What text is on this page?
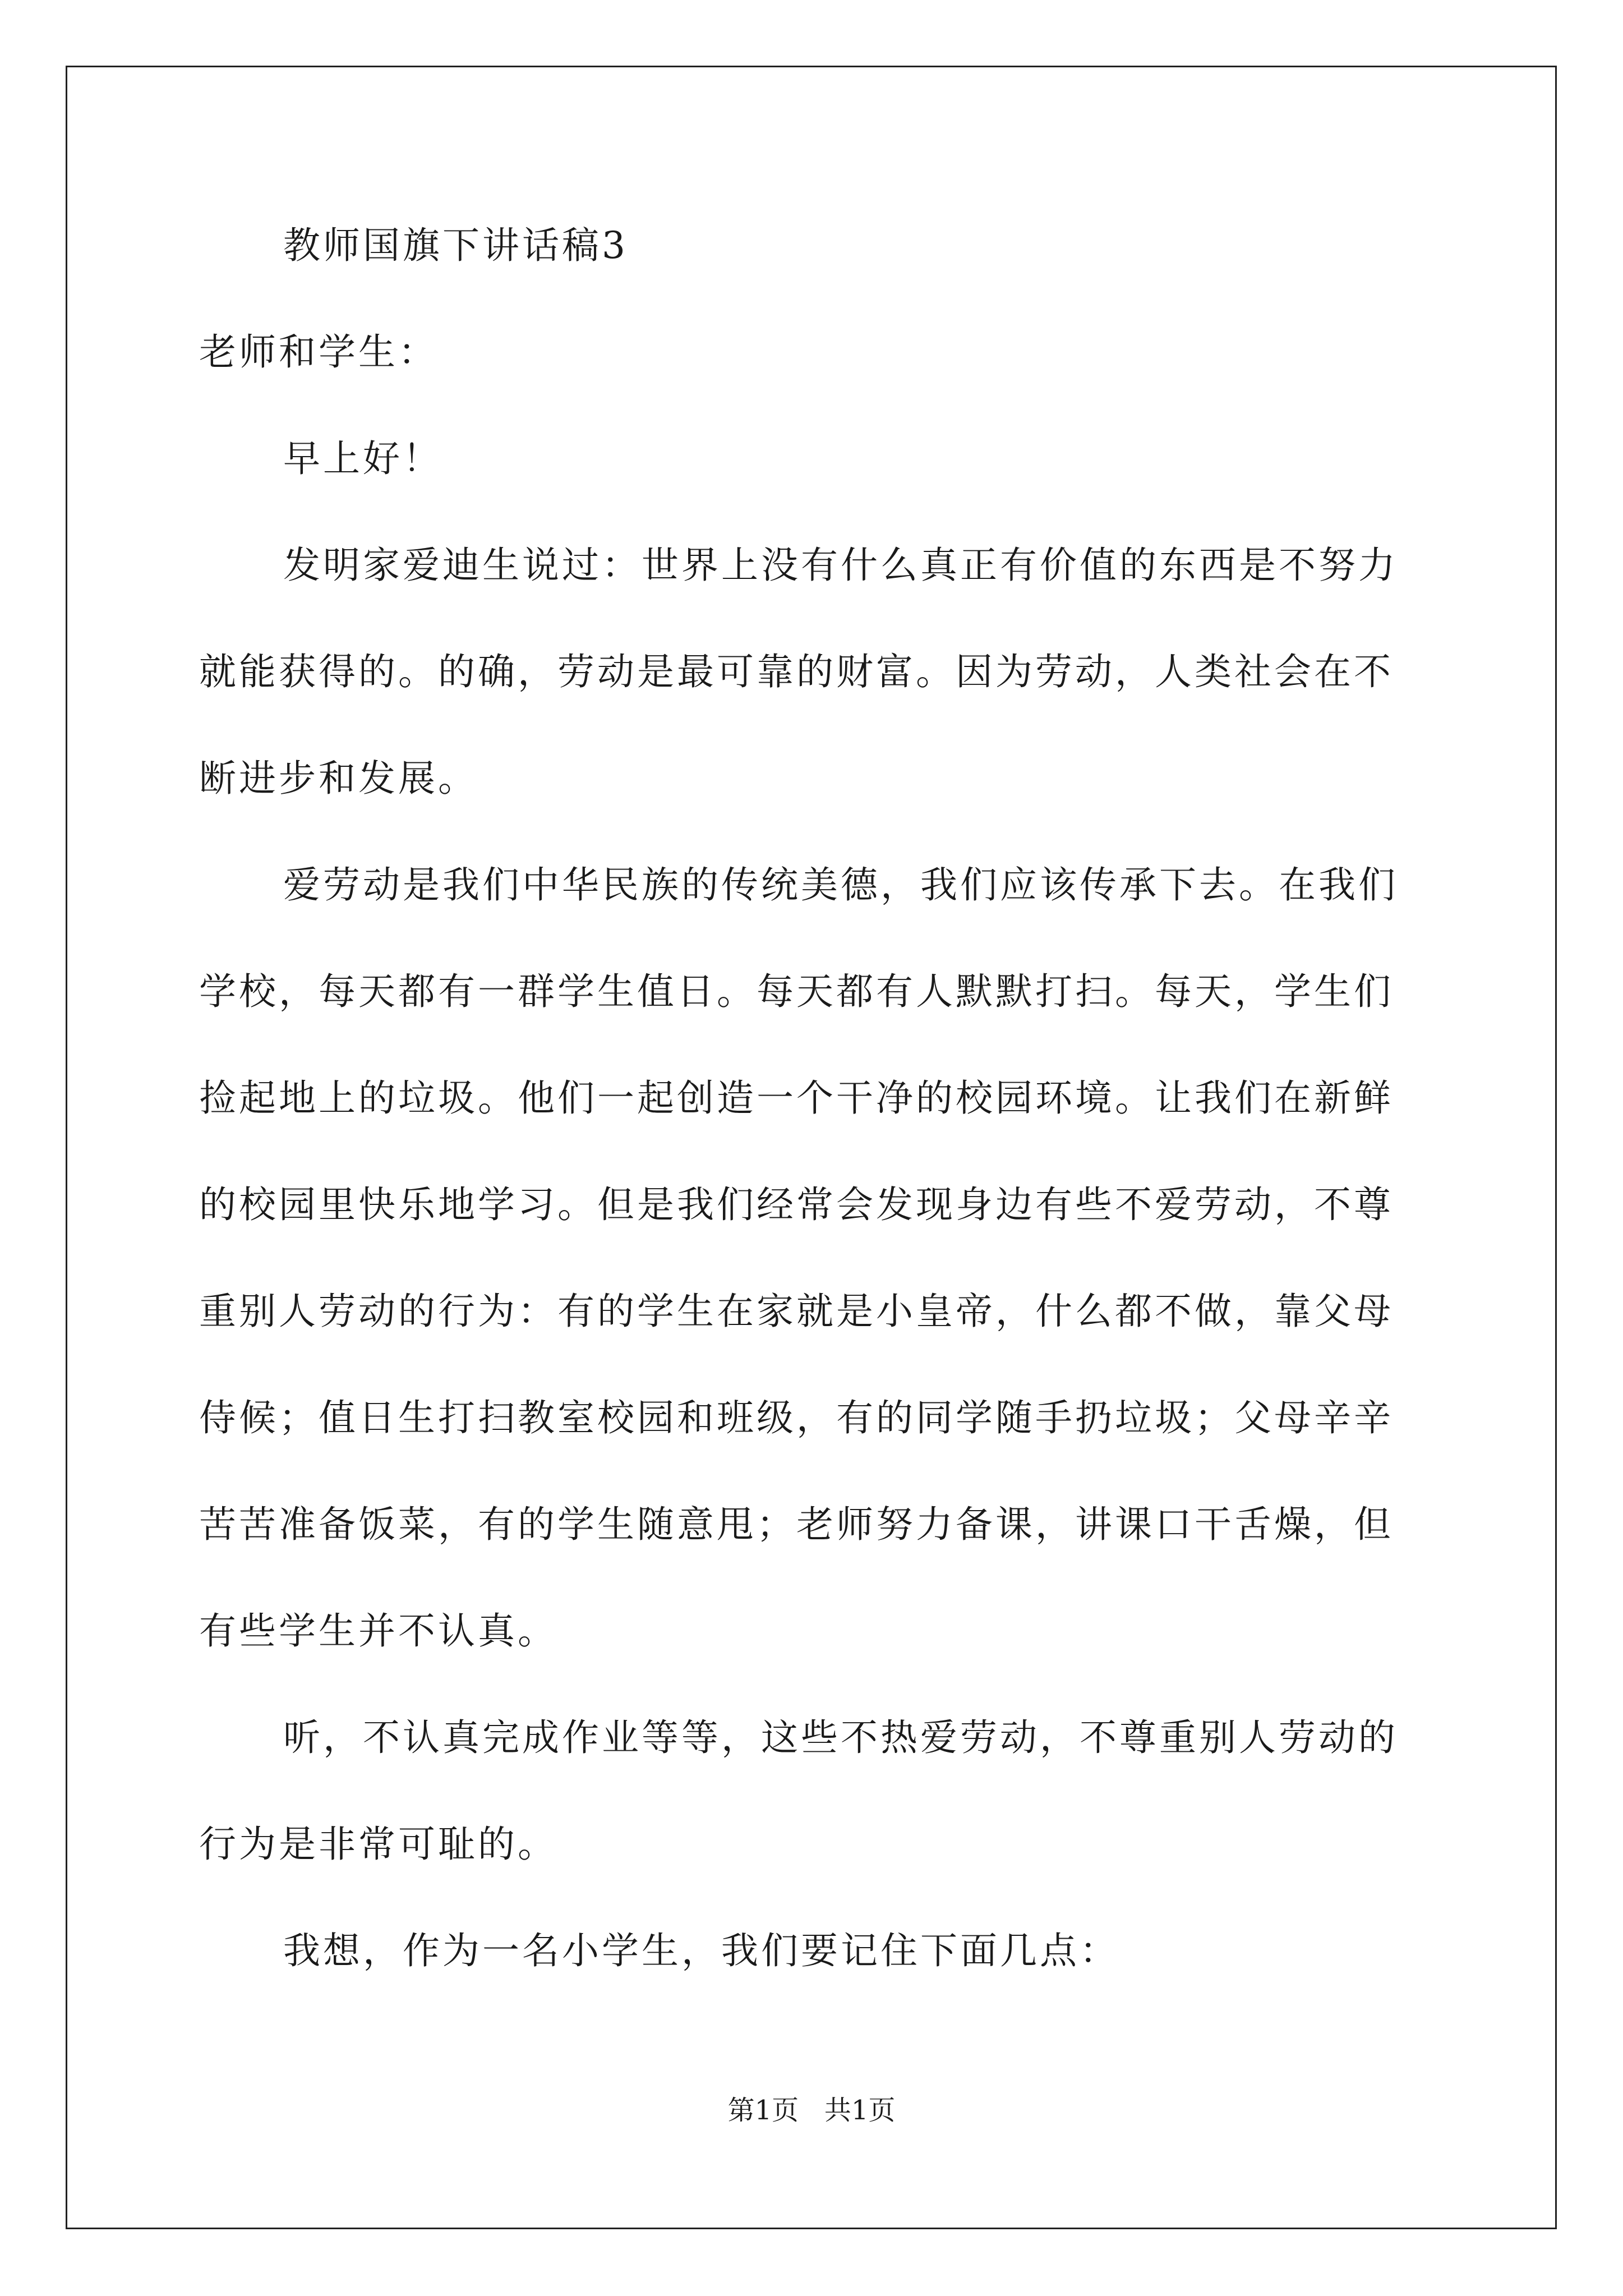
教师国旗下讲话稿3
老师和学生：
早上好！
发明家爱迪生说过：世界上没有什么真正有价值的东西是不努力
就能获得的。的确，劳动是最可靠的财富。因为劳动，人类社会在不
断进步和发展。
爱劳动是我们中华民族的传统美德，我们应该传承下去。在我们
学校，每天都有一群学生值日。每天都有人默默打扫。每天，学生们
捡起地上的垃圾。他们一起创造一个干净的校园环境。让我们在新鲜
的校园里快乐地学习。但是我们经常会发现身边有些不爱劳动，不尊
重别人劳动的行为：有的学生在家就是小皇帝，什么都不做，靠父母
侍候；值日生打扫教室校园和班级，有的同学随手扔垃圾；父母辛辛
苦苦准备饭菜，有的学生随意甩；老师努力备课，讲课口干舌燥，但
有些学生并不认真。
听，不认真完成作业等等，这些不热爱劳动，不尊重别人劳动的
行为是非常可耻的。
我想，作为一名小学生，我们要记住下面几点：
第1页   共1页
